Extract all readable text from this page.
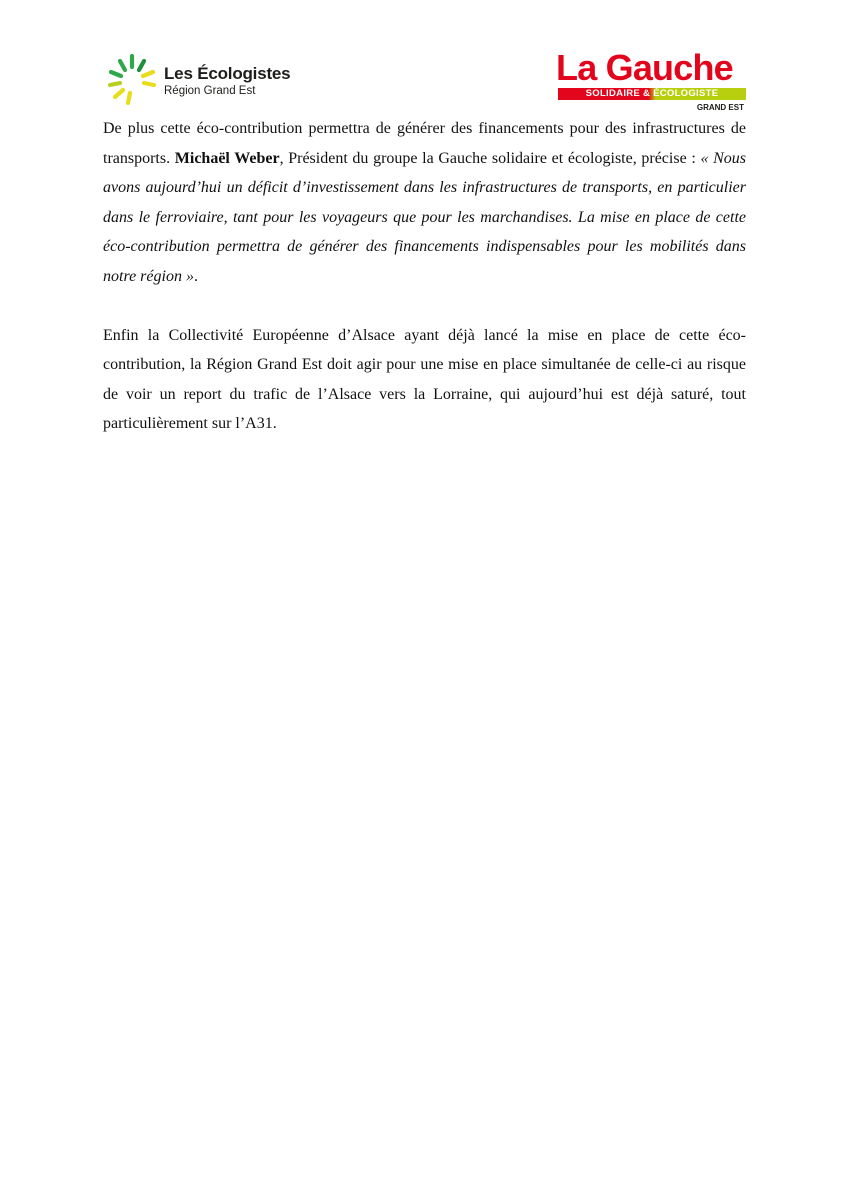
Les Écologistes
Région Grand Est
La Gauche
SOLIDAIRE & ÉCOLOGISTE
GRAND EST

De plus cette éco-contribution permettra de générer des financements pour des infrastructures de transports. Michaël Weber, Président du groupe la Gauche solidaire et écologiste, précise : « Nous avons aujourd’hui un déficit d’investissement dans les infrastructures de transports, en particulier dans le ferroviaire, tant pour les voyageurs que pour les marchandises. La mise en place de cette éco-contribution permettra de générer des financements indispensables pour les mobilités dans notre région ».

Enfin la Collectivité Européenne d’Alsace ayant déjà lancé la mise en place de cette éco-contribution, la Région Grand Est doit agir pour une mise en place simultanée de celle-ci au risque de voir un report du trafic de l’Alsace vers la Lorraine, qui aujourd’hui est déjà saturé, tout particulièrement sur l’A31.
